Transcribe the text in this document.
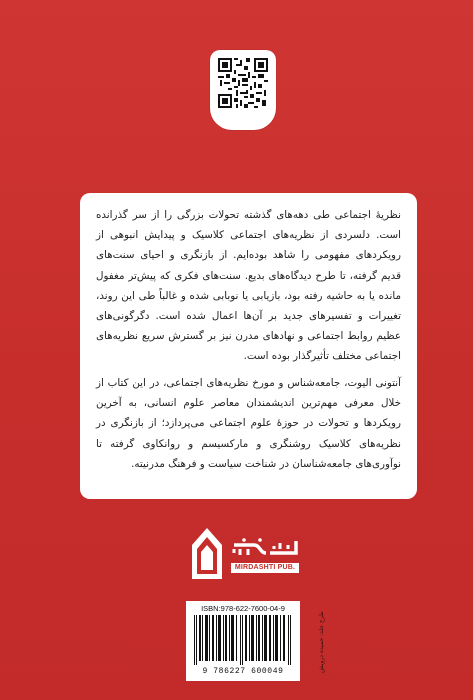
نظریهٔ اجتماعی طی دهه‌های گذشته تحولات بزرگی را از سر گذرانده است. دلسردی از نظریه‌های اجتماعی کلاسیک و پیدایش انبوهی از رویکردهای مفهومی را شاهد بوده‌ایم. از بازنگری و احیای سنت‌های قدیم گرفته، تا طرح دیدگاه‌های بدیع. سنت‌های فکری که پیش‌تر مغفول مانده یا به حاشیه رفته بود، بازیابی یا نوبابی شده و غالباً طی این روند، تغییرات و تفسیرهای جدید بر آن‌ها اعمال شده است. دگرگونی‌های عظیم روابط اجتماعی و نهادهای مدرن نیز بر گسترش سریع نظریه‌های اجتماعی مختلف تأثیرگذار بوده است.

آنتونی الیوت، جامعه‌شناس و مورخ نظریه‌های اجتماعی، در این کتاب از خلال معرفی مهم‌ترین اندیشمندان معاصر علوم انسانی، به آخرین رویکردها و تحولات در حوزهٔ علوم اجتماعی می‌پردازد؛ از بازنگری در نظریه‌های کلاسیک روشنگری و مارکسیسم و روانکاوی گرفته تا نوآوری‌های جامعه‌شناسان در شناخت سیاست و فرهنگ مدرنیته.

MIRDASHTI PUB.
ISBN:978-622-7600-04-9
9 786227 600049	طرح جلد: حمیده درویش
